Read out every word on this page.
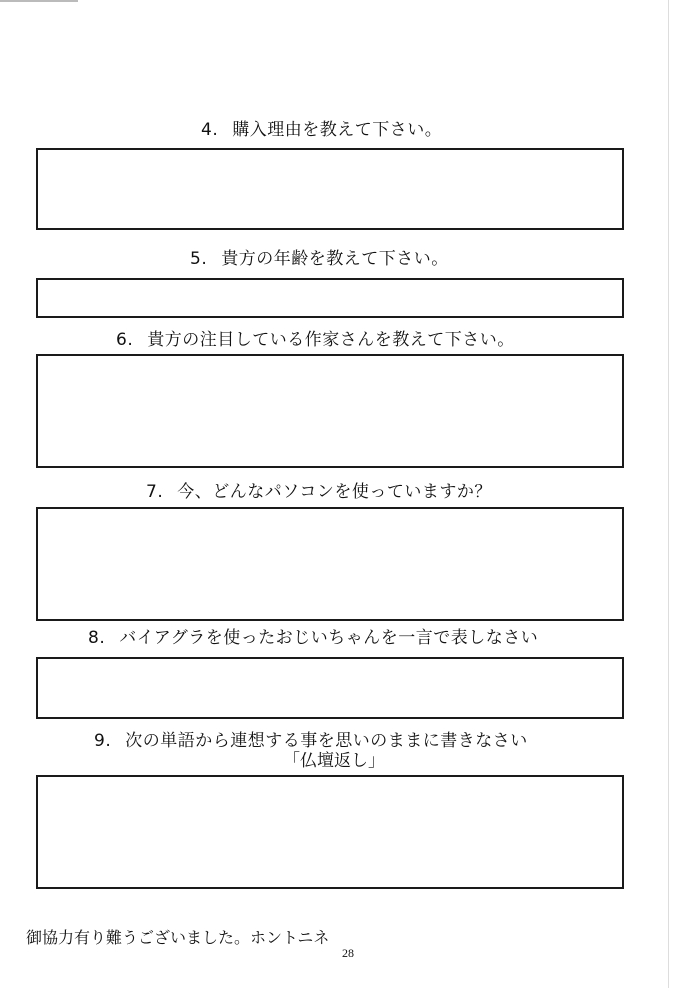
4. 購入理由を教えて下さい。
5. 貴方の年齢を教えて下さい。
6. 貴方の注目している作家さんを教えて下さい。
7. 今、どんなパソコンを使っていますか？
8. バイアグラを使ったおじいちゃんを一言で表しなさい
9. 次の単語から連想する事を思いのままに書きなさい
「仏壇返し」
御協力有り難うございました。ホントニネ
28
